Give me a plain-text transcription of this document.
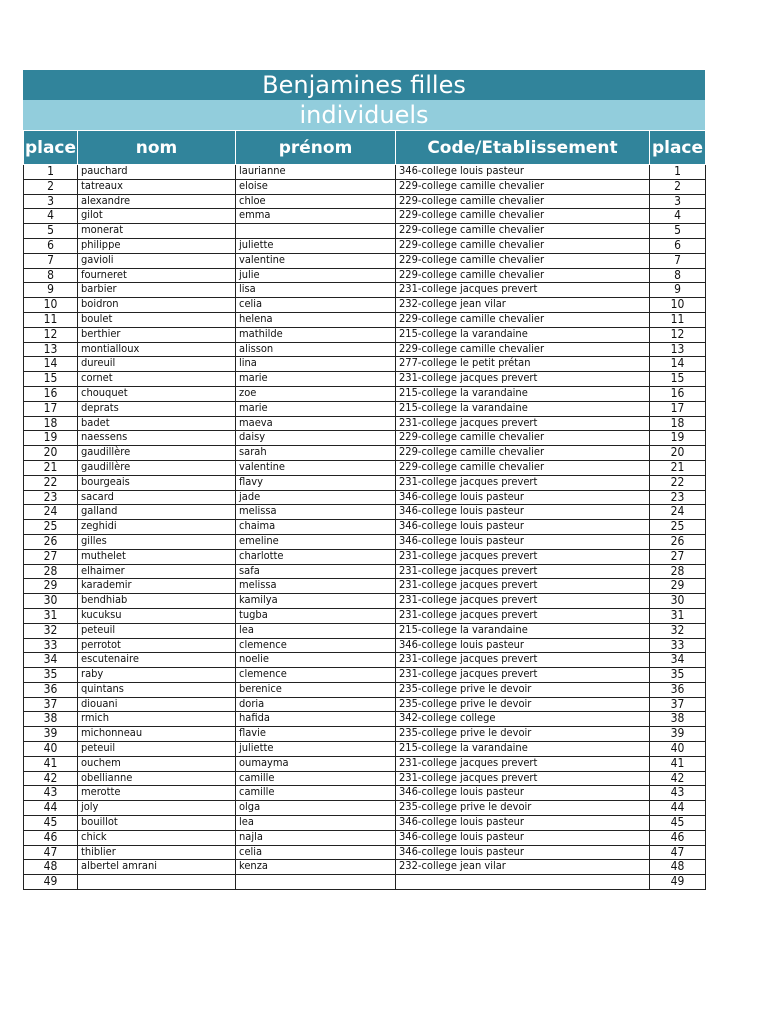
Benjamines filles
individuels
place	nom	prénom	Code/Etablissement	place
1	pauchard	laurianne	346-college louis pasteur	1
2	tatreaux	eloise	229-college camille chevalier	2
3	alexandre	chloe	229-college camille chevalier	3
4	gilot	emma	229-college camille chevalier	4
5	monerat		229-college camille chevalier	5
6	philippe	juliette	229-college camille chevalier	6
7	gavioli	valentine	229-college camille chevalier	7
8	fourneret	julie	229-college camille chevalier	8
9	barbier	lisa	231-college jacques prevert	9
10	boidron	celia	232-college jean vilar	10
11	boulet	helena	229-college camille chevalier	11
12	berthier	mathilde	215-college la varandaine	12
13	montialloux	alisson	229-college camille chevalier	13
14	dureuil	lina	277-college le petit prétan	14
15	cornet	marie	231-college jacques prevert	15
16	chouquet	zoe	215-college la varandaine	16
17	deprats	marie	215-college la varandaine	17
18	badet	maeva	231-college jacques prevert	18
19	naessens	daisy	229-college camille chevalier	19
20	gaudillère	sarah	229-college camille chevalier	20
21	gaudillère	valentine	229-college camille chevalier	21
22	bourgeais	flavy	231-college jacques prevert	22
23	sacard	jade	346-college louis pasteur	23
24	galland	melissa	346-college louis pasteur	24
25	zeghidi	chaima	346-college louis pasteur	25
26	gilles	emeline	346-college louis pasteur	26
27	muthelet	charlotte	231-college jacques prevert	27
28	elhaimer	safa	231-college jacques prevert	28
29	karademir	melissa	231-college jacques prevert	29
30	bendhiab	kamilya	231-college jacques prevert	30
31	kucuksu	tugba	231-college jacques prevert	31
32	peteuil	lea	215-college la varandaine	32
33	perrotot	clemence	346-college louis pasteur	33
34	escutenaire	noelie	231-college jacques prevert	34
35	raby	clemence	231-college jacques prevert	35
36	quintans	berenice	235-college prive le devoir	36
37	diouani	doria	235-college prive le devoir	37
38	rmich	hafida	342-college college	38
39	michonneau	flavie	235-college prive le devoir	39
40	peteuil	juliette	215-college la varandaine	40
41	ouchem	oumayma	231-college jacques prevert	41
42	obellianne	camille	231-college jacques prevert	42
43	merotte	camille	346-college louis pasteur	43
44	joly	olga	235-college prive le devoir	44
45	bouillot	lea	346-college louis pasteur	45
46	chick	najla	346-college louis pasteur	46
47	thiblier	celia	346-college louis pasteur	47
48	albertel amrani	kenza	232-college jean vilar	48
49				49
